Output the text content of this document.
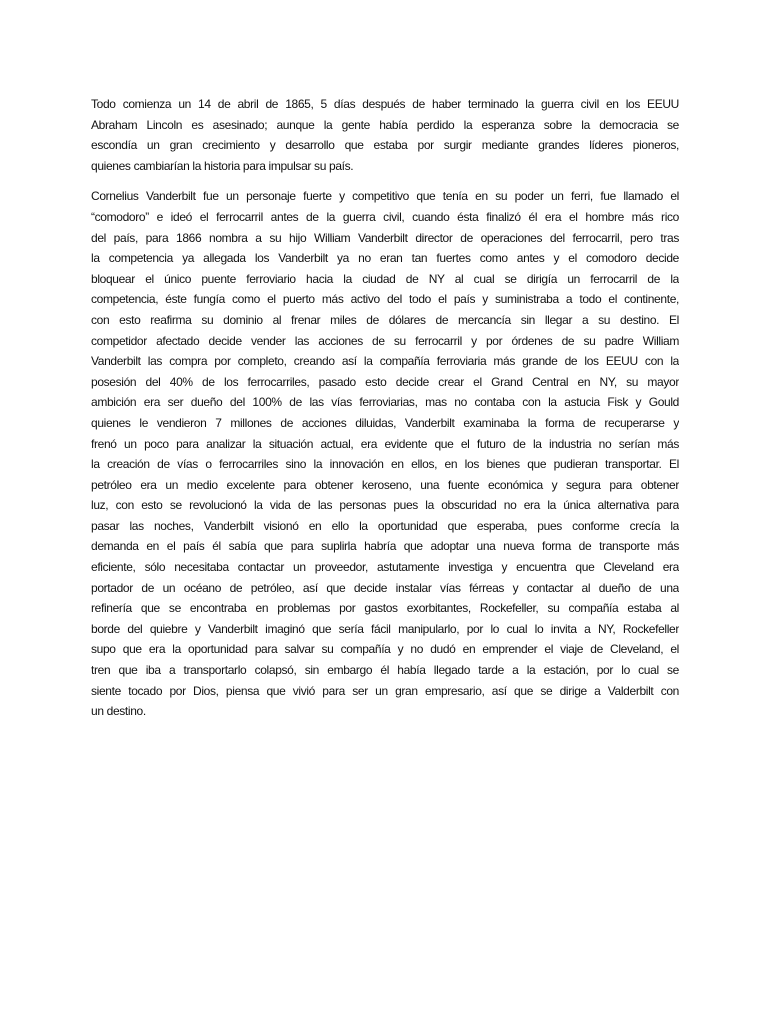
Todo comienza un 14 de abril de 1865, 5 días después de haber terminado la guerra civil en los EEUU
Abraham Lincoln es asesinado; aunque la gente había perdido la esperanza sobre la democracia se
escondía un gran crecimiento y desarrollo que estaba por surgir mediante grandes líderes pioneros,
quienes cambiarían la historia para impulsar su país.
Cornelius Vanderbilt fue un personaje fuerte y competitivo que tenía en su poder un ferri, fue llamado el
“comodoro” e ideó el ferrocarril antes de la guerra civil, cuando ésta finalizó él era el hombre más rico
del país, para 1866 nombra a su hijo William Vanderbilt director de operaciones del ferrocarril, pero tras
la competencia ya allegada los Vanderbilt ya no eran tan fuertes como antes y el comodoro decide
bloquear el único puente ferroviario hacia la ciudad de NY al cual se dirigía un ferrocarril de la
competencia, éste fungía como el puerto más activo del todo el país y suministraba a todo el continente,
con esto reafirma su dominio al frenar miles de dólares de mercancía sin llegar a su destino. El
competidor afectado decide vender las acciones de su ferrocarril y por órdenes de su padre William
Vanderbilt las compra por completo, creando así la compañía ferroviaria más grande de los EEUU con la
posesión del 40% de los ferrocarriles, pasado esto decide crear el Grand Central en NY, su mayor
ambición era ser dueño del 100% de las vías ferroviarias, mas no contaba con la astucia Fisk y Gould
quienes le vendieron 7 millones de acciones diluidas, Vanderbilt examinaba la forma de recuperarse y
frenó un poco para analizar la situación actual, era evidente que el futuro de la industria no serían más
la creación de vías o ferrocarriles sino la innovación en ellos, en los bienes que pudieran transportar. El
petróleo era un medio excelente para obtener keroseno, una fuente económica y segura para obtener
luz, con esto se revolucionó la vida de las personas pues la obscuridad no era la única alternativa para
pasar las noches, Vanderbilt visionó en ello la oportunidad que esperaba, pues conforme crecía la
demanda en el país él sabía que para suplirla habría que adoptar una nueva forma de transporte más
eficiente, sólo necesitaba contactar un proveedor, astutamente investiga y encuentra que Cleveland era
portador de un océano de petróleo, así que decide instalar vías férreas y contactar al dueño de una
refinería que se encontraba en problemas por gastos exorbitantes, Rockefeller, su compañía estaba al
borde del quiebre y Vanderbilt imaginó que sería fácil manipularlo, por lo cual lo invita a NY, Rockefeller
supo que era la oportunidad para salvar su compañía y no dudó en emprender el viaje de Cleveland, el
tren que iba a transportarlo colapsó, sin embargo él había llegado tarde a la estación, por lo cual se
siente tocado por Dios, piensa que vivió para ser un gran empresario, así que se dirige a Valderbilt con
un destino.
